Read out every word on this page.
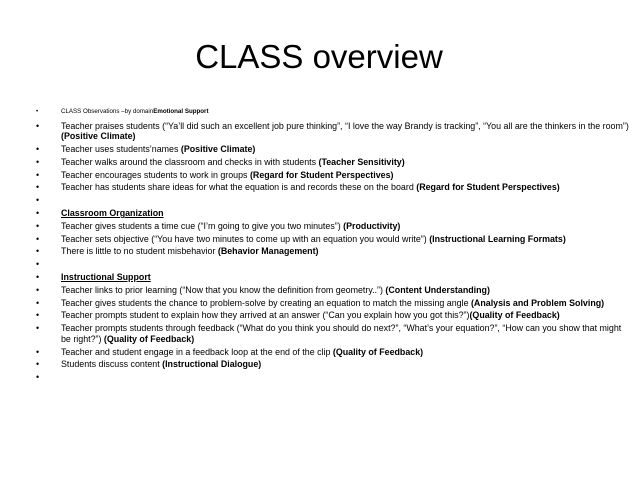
CLASS overview
•	CLASS Observations –by domainEmotional Support
• Teacher praises students (“Ya’ll did such an excellent job pure thinking”, “I love the way Brandy is tracking”, “You all are the thinkers in the room”) (Positive Climate)
• Teacher uses students’names (Positive Climate)
• Teacher walks around the classroom and checks in with students (Teacher Sensitivity)
• Teacher encourages students to work in groups (Regard for Student Perspectives)
• Teacher has students share ideas for what the equation is and records these on the board (Regard for Student Perspectives)
•
• Classroom Organization
• Teacher gives students a time cue (“I’m going to give you two minutes”) (Productivity)
• Teacher sets objective (“You have two minutes to come up with an equation you would write”) (Instructional Learning Formats)
• There is little to no student misbehavior (Behavior Management)
•
• Instructional Support
• Teacher links to prior learning (“Now that you know the definition from geometry..”) (Content Understanding)
• Teacher gives students the chance to problem-solve by creating an equation to match the missing angle (Analysis and Problem Solving)
• Teacher prompts student to explain how they arrived at an answer (“Can you explain how you got this?”)(Quality of Feedback)
• Teacher prompts students through feedback (“What do you think you should do next?”, “What’s your equation?”, “How can you show that might be right?”) (Quality of Feedback)
• Teacher and student engage in a feedback loop at the end of the clip (Quality of Feedback)
• Students discuss content (Instructional Dialogue)
•
